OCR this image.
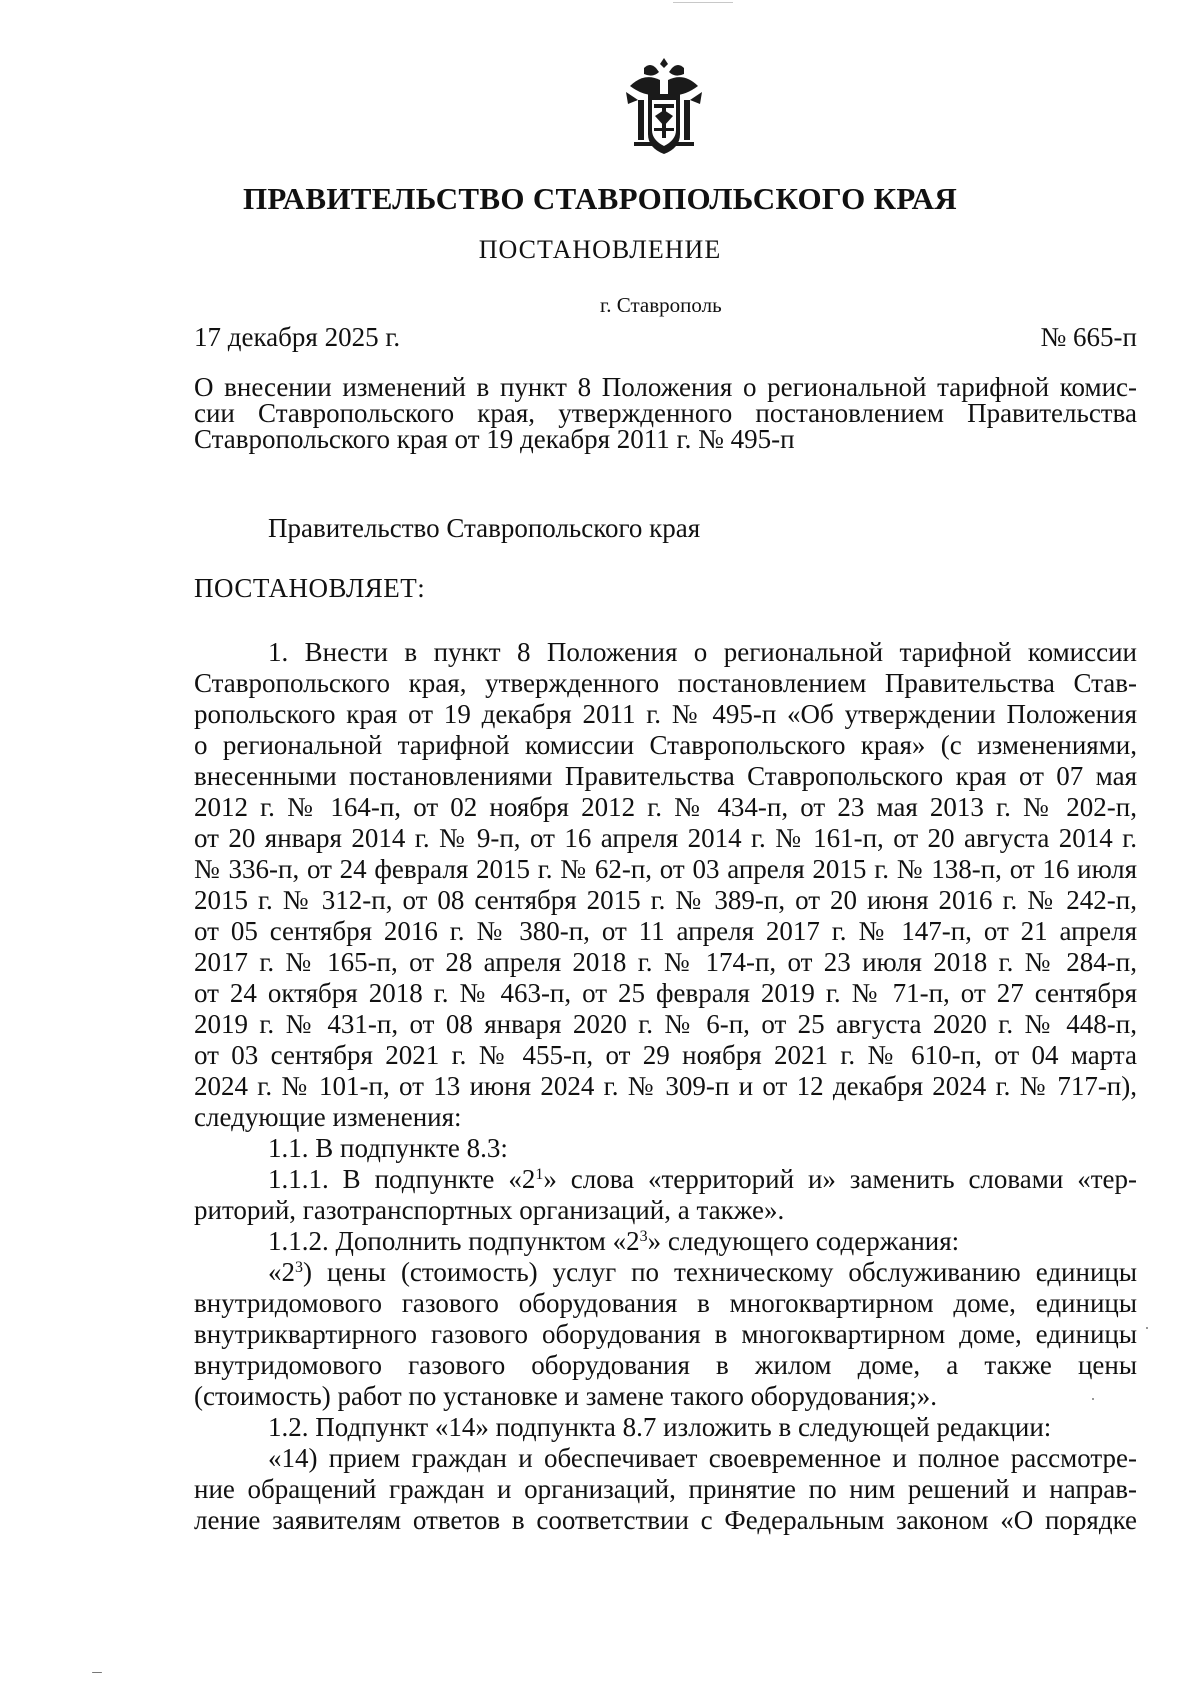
ПРАВИТЕЛЬСТВО СТАВРОПОЛЬСКОГО КРАЯ
ПОСТАНОВЛЕНИЕ
г. Ставрополь
17 декабря 2025 г.	№ 665-п
О внесении изменений в пункт 8 Положения о региональной тарифной комис-
сии Ставропольского края, утвержденного постановлением Правительства
Ставропольского края от 19 декабря 2011 г. № 495-п
Правительство Ставропольского края
ПОСТАНОВЛЯЕТ:
1. Внести в пункт 8 Положения о региональной тарифной комиссии
Ставропольского края, утвержденного постановлением Правительства Став-
ропольского края от 19 декабря 2011 г. № 495-п «Об утверждении Положения
о региональной тарифной комиссии Ставропольского края» (с изменениями,
внесенными постановлениями Правительства Ставропольского края от 07 мая
2012 г. № 164-п, от 02 ноября 2012 г. № 434-п, от 23 мая 2013 г. № 202-п,
от 20 января 2014 г. № 9-п, от 16 апреля 2014 г. № 161-п, от 20 августа 2014 г.
№ 336-п, от 24 февраля 2015 г. № 62-п, от 03 апреля 2015 г. № 138-п, от 16 июля
2015 г. № 312-п, от 08 сентября 2015 г. № 389-п, от 20 июня 2016 г. № 242-п,
от 05 сентября 2016 г. № 380-п, от 11 апреля 2017 г. № 147-п, от 21 апреля
2017 г. № 165-п, от 28 апреля 2018 г. № 174-п, от 23 июля 2018 г. № 284-п,
от 24 октября 2018 г. № 463-п, от 25 февраля 2019 г. № 71-п, от 27 сентября
2019 г. № 431-п, от 08 января 2020 г. № 6-п, от 25 августа 2020 г. № 448-п,
от 03 сентября 2021 г. № 455-п, от 29 ноября 2021 г. № 610-п, от 04 марта
2024 г. № 101-п, от 13 июня 2024 г. № 309-п и от 12 декабря 2024 г. № 717-п),
следующие изменения:
1.1. В подпункте 8.3:
1.1.1. В подпункте «$2^1$» слова «территорий и» заменить словами «тер-
риторий, газотранспортных организаций, а также».
1.1.2. Дополнить подпунктом «$2^3$» следующего содержания:
«$2^3$) цены (стоимость) услуг по техническому обслуживанию единицы
внутридомового газового оборудования в многоквартирном доме, единицы
внутриквартирного газового оборудования в многоквартирном доме, единицы
внутридомового газового оборудования в жилом доме, а также цены
(стоимость) работ по установке и замене такого оборудования;».
1.2. Подпункт «14» подпункта 8.7 изложить в следующей редакции:
«14) прием граждан и обеспечивает своевременное и полное рассмотре-
ние обращений граждан и организаций, принятие по ним решений и направ-
ление заявителям ответов в соответствии с Федеральным законом «О порядке
